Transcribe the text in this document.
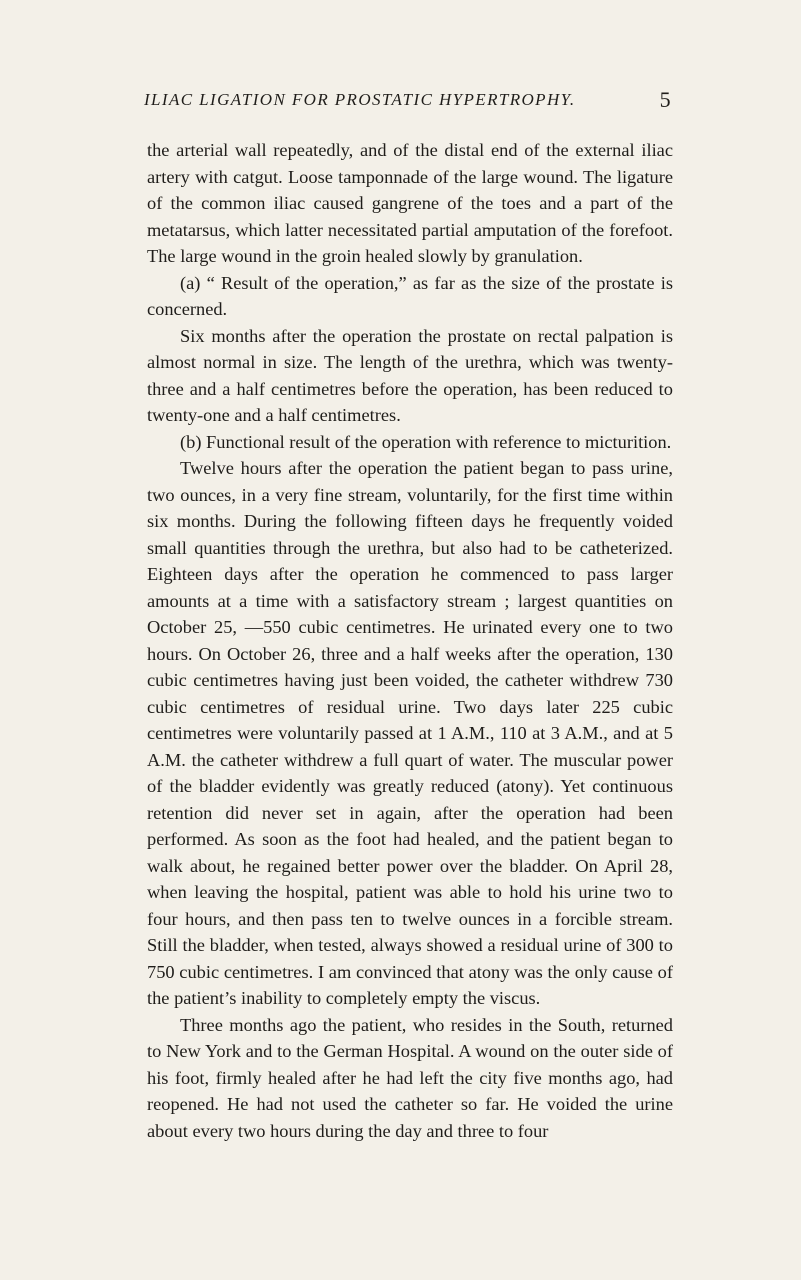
ILIAC LIGATION FOR PROSTATIC HYPERTROPHY.	5

the arterial wall repeatedly, and of the distal end of the external iliac artery with catgut. Loose tamponnade of the large wound. The ligature of the common iliac caused gangrene of the toes and a part of the metatarsus, which latter necessitated partial amputation of the forefoot. The large wound in the groin healed slowly by granulation.

(a) “ Result of the operation,” as far as the size of the prostate is concerned.

Six months after the operation the prostate on rectal palpation is almost normal in size. The length of the urethra, which was twenty-three and a half centimetres before the operation, has been reduced to twenty-one and a half centimetres.

(b) Functional result of the operation with reference to micturition.

Twelve hours after the operation the patient began to pass urine, two ounces, in a very fine stream, voluntarily, for the first time within six months. During the following fifteen days he frequently voided small quantities through the urethra, but also had to be catheterized. Eighteen days after the operation he commenced to pass larger amounts at a time with a satisfactory stream ; largest quantities on October 25, —550 cubic centimetres. He urinated every one to two hours. On October 26, three and a half weeks after the operation, 130 cubic centimetres having just been voided, the catheter withdrew 730 cubic centimetres of residual urine. Two days later 225 cubic centimetres were voluntarily passed at 1 A.M., 110 at 3 A.M., and at 5 A.M. the catheter withdrew a full quart of water. The muscular power of the bladder evidently was greatly reduced (atony). Yet continuous retention did never set in again, after the operation had been performed. As soon as the foot had healed, and the patient began to walk about, he regained better power over the bladder. On April 28, when leaving the hospital, patient was able to hold his urine two to four hours, and then pass ten to twelve ounces in a forcible stream. Still the bladder, when tested, always showed a residual urine of 300 to 750 cubic centimetres. I am convinced that atony was the only cause of the patient’s inability to completely empty the viscus.

Three months ago the patient, who resides in the South, returned to New York and to the German Hospital. A wound on the outer side of his foot, firmly healed after he had left the city five months ago, had reopened. He had not used the catheter so far. He voided the urine about every two hours during the day and three to four
